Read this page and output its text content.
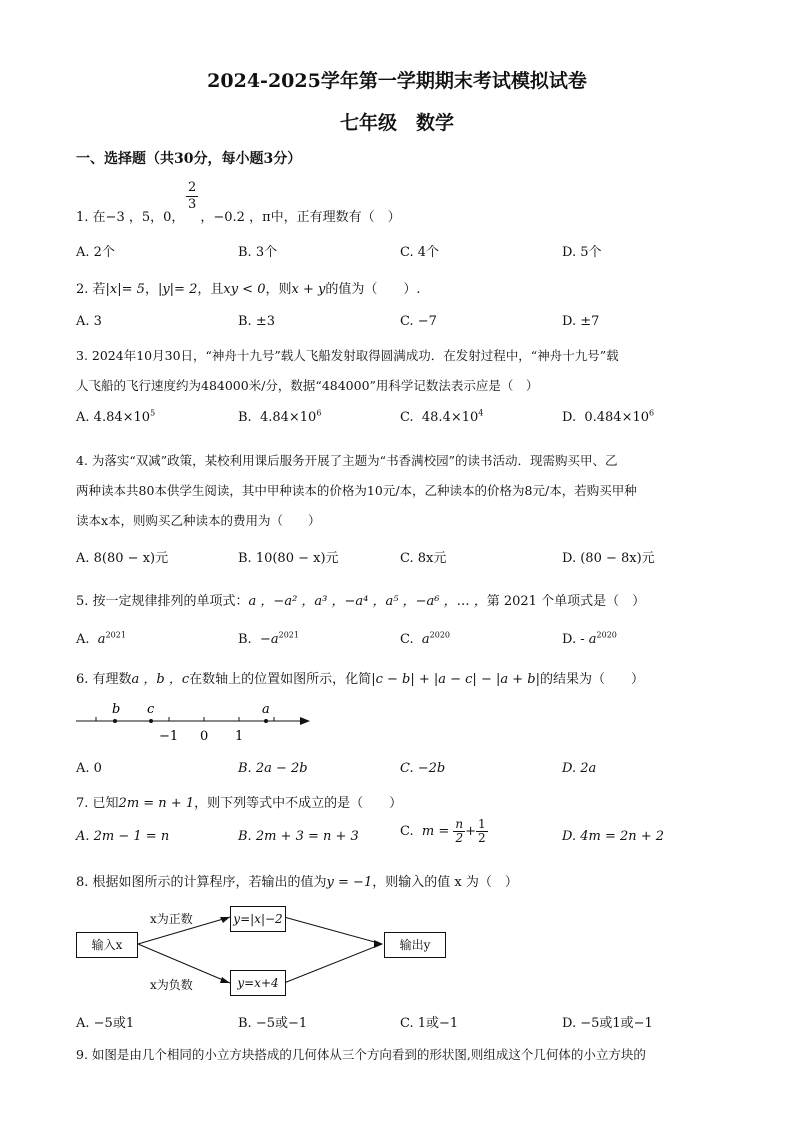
2024-2025学年第一学期期末考试模拟试卷
七年级　数学
一、选择题（共30分，每小题3分）
$\frac{2}{3}$
1. 在−3 ，5，0， ，−0.2 ，π中，正有理数有（　）
A. 2个	B. 3个	C. 4个	D. 5个
2. 若|x|= 5，|y|= 2，且xy < 0，则x + y的值为（　　）.
A. 3	B. ±3	C. −7	D. ±7
3. 2024年10月30日，“神舟十九号”载人飞船发射取得圆满成功．在发射过程中，“神舟十九号”载
人飞船的飞行速度约为484000米/分，数据“484000”用科学记数法表示应是（　）
A. $4.84\times 10^5$	B. $4.84\times 10^6$	C. $48.4\times 10^4$	D. $0.484\times 10^6$
4. 为落实“双减”政策，某校利用课后服务开展了主题为“书香满校园”的读书活动．现需购买甲、乙
两种读本共80本供学生阅读，其中甲种读本的价格为10元/本，乙种读本的价格为8元/本，若购买甲种
读本x本，则购买乙种读本的费用为（　　）
A. 8(80 − x)元	B. 10(80 − x)元	C. 8x元	D. (80 − 8x)元
5. 按一定规律排列的单项式：a ，−a² ，a³ ，−a⁴ ，a⁵ ，−a⁶ ，… ，第 2021 个单项式是（　）
A. $a^{2021}$	B. $-a^{2021}$	C. $a^{2020}$	D. - $a^{2020}$
6. 有理数a ，b ，c在数轴上的位置如图所示，化简|c − b| + |a − c| − |a + b|的结果为（　　）
b c	a
−1 0 1
A. 0	B. 2a − 2b	C. −2b	D. 2a
7. 已知2m = n + 1，则下列等式中不成立的是（　　）
A. 2m − 1 = n	B. 2m + 3 = n + 3	C. $m = \frac{n}{2} + \frac{1}{2}$	D. 4m = 2n + 2
8. 根据如图所示的计算程序，若输出的值为y = −1，则输入的值 x 为（　）
输入x
y=|x|−2
y=x+4
输出y
x为正数
x为负数
A. −5或1	B. −5或−1	C. 1或−1	D. −5或1或−1
9. 如图是由几个相同的小立方块搭成的几何体从三个方向看到的形状图,则组成这个几何体的小立方块的
